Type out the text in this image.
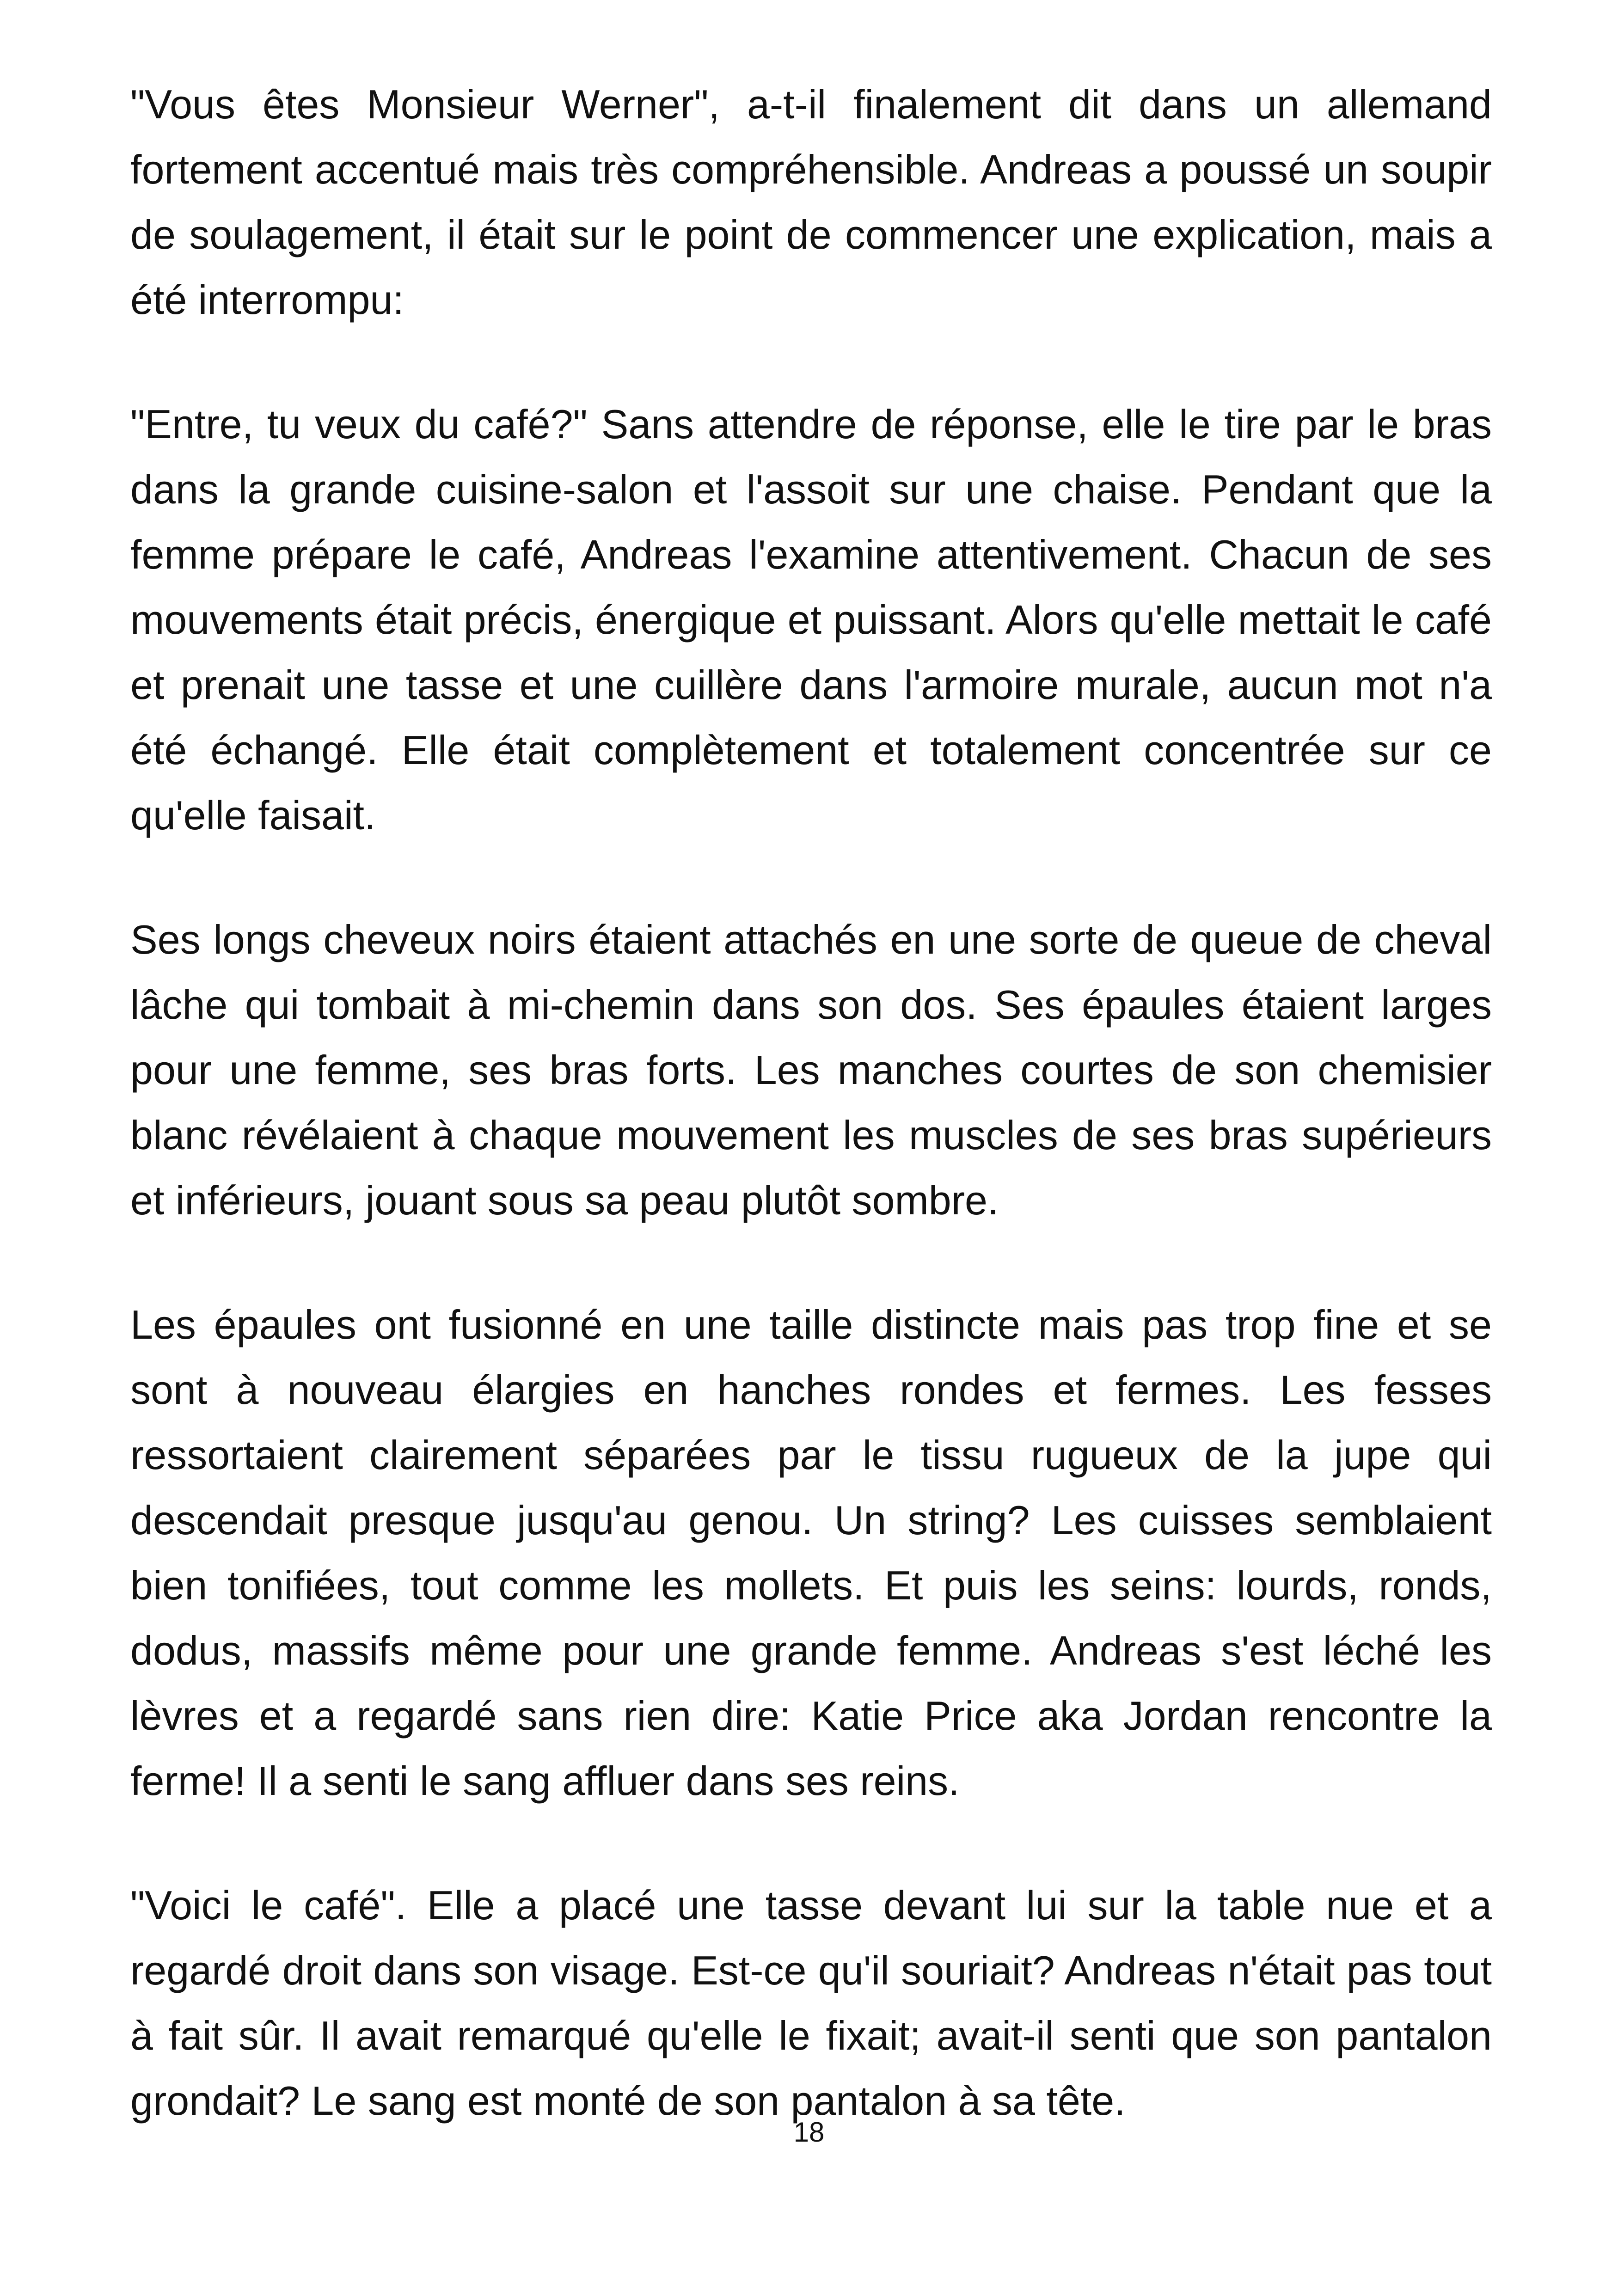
"Vous êtes Monsieur Werner", a-t-il finalement dit dans un allemand fortement accentué mais très compréhensible. Andreas a poussé un soupir de soulagement, il était sur le point de commencer une explication, mais a été interrompu:

"Entre, tu veux du café?" Sans attendre de réponse, elle le tire par le bras dans la grande cuisine-salon et l'assoit sur une chaise. Pendant que la femme prépare le café, Andreas l'examine attentivement. Chacun de ses mouvements était précis, énergique et puissant. Alors qu'elle mettait le café et prenait une tasse et une cuillère dans l'armoire murale, aucun mot n'a été échangé. Elle était complètement et totalement concentrée sur ce qu'elle faisait.

Ses longs cheveux noirs étaient attachés en une sorte de queue de cheval lâche qui tombait à mi-chemin dans son dos. Ses épaules étaient larges pour une femme, ses bras forts. Les manches courtes de son chemisier blanc révélaient à chaque mouvement les muscles de ses bras supérieurs et inférieurs, jouant sous sa peau plutôt sombre.

Les épaules ont fusionné en une taille distincte mais pas trop fine et se sont à nouveau élargies en hanches rondes et fermes. Les fesses ressortaient clairement séparées par le tissu rugueux de la jupe qui descendait presque jusqu'au genou. Un string? Les cuisses semblaient bien tonifiées, tout comme les mollets. Et puis les seins: lourds, ronds, dodus, massifs même pour une grande femme. Andreas s'est léché les lèvres et a regardé sans rien dire: Katie Price aka Jordan rencontre la ferme! Il a senti le sang affluer dans ses reins.

"Voici le café". Elle a placé une tasse devant lui sur la table nue et a regardé droit dans son visage. Est-ce qu'il souriait? Andreas n'était pas tout à fait sûr. Il avait remarqué qu'elle le fixait; avait-il senti que son pantalon grondait? Le sang est monté de son pantalon à sa tête.

18
